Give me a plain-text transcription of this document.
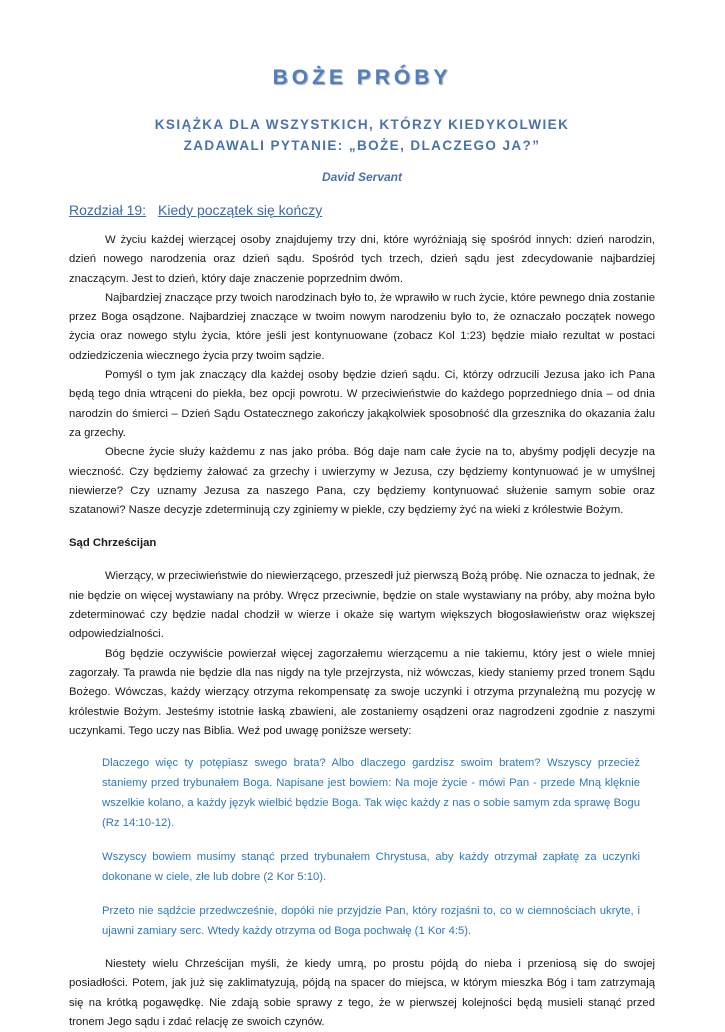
BOŻE PRÓBY
KSIĄŻKA DLA WSZYSTKICH, KTÓRZY KIEDYKOLWIEK
ZADAWALI PYTANIE: „BOŻE, DLACZEGO JA?”
David Servant
Rozdział 19: Kiedy początek się kończy

W życiu każdej wierzącej osoby znajdujemy trzy dni, które wyróżniają się spośród innych: dzień narodzin, dzień nowego narodzenia oraz dzień sądu. Spośród tych trzech, dzień sądu jest zdecydowanie najbardziej znaczącym. Jest to dzień, który daje znaczenie poprzednim dwóm.

Najbardziej znaczące przy twoich narodzinach było to, że wprawiło w ruch życie, które pewnego dnia zostanie przez Boga osądzone. Najbardziej znaczące w twoim nowym narodzeniu było to, że oznaczało początek nowego życia oraz nowego stylu życia, które jeśli jest kontynuowane (zobacz Kol 1:23) będzie miało rezultat w postaci odziedziczenia wiecznego życia przy twoim sądzie.

Pomyśl o tym jak znaczący dla każdej osoby będzie dzień sądu. Ci, którzy odrzucili Jezusa jako ich Pana będą tego dnia wtrąceni do piekła, bez opcji powrotu. W przeciwieństwie do każdego poprzedniego dnia – od dnia narodzin do śmierci – Dzień Sądu Ostatecznego zakończy jakąkolwiek sposobność dla grzesznika do okazania żalu za grzechy.

Obecne życie służy każdemu z nas jako próba. Bóg daje nam całe życie na to, abyśmy podjęli decyzje na wieczność. Czy będziemy żałować za grzechy i uwierzymy w Jezusa, czy będziemy kontynuować je w umyślnej niewierze? Czy uznamy Jezusa za naszego Pana, czy będziemy kontynuować służenie samym sobie oraz szatanowi? Nasze decyzje zdeterminują czy zginiemy w piekle, czy będziemy żyć na wieki z królestwie Bożym.

Sąd Chrześcijan

Wierzący, w przeciwieństwie do niewierzącego, przeszedł już pierwszą Bożą próbę. Nie oznacza to jednak, że nie będzie on więcej wystawiany na próby. Wręcz przeciwnie, będzie on stale wystawiany na próby, aby można było zdeterminować czy będzie nadal chodził w wierze i okaże się wartym większych błogosławieństw oraz większej odpowiedzialności.

Bóg będzie oczywiście powierzał więcej zagorzałemu wierzącemu a nie takiemu, który jest o wiele mniej zagorzały. Ta prawda nie będzie dla nas nigdy na tyle przejrzysta, niż wówczas, kiedy staniemy przed tronem Sądu Bożego. Wówczas, każdy wierzący otrzyma rekompensatę za swoje uczynki i otrzyma przynależną mu pozycję w królestwie Bożym. Jesteśmy istotnie łaską zbawieni, ale zostaniemy osądzeni oraz nagrodzeni zgodnie z naszymi uczynkami. Tego uczy nas Biblia. Weź pod uwagę poniższe wersety:

Dlaczego więc ty potępiasz swego brata? Albo dlaczego gardzisz swoim bratem? Wszyscy przecież staniemy przed trybunałem Boga. Napisane jest bowiem: Na moje życie - mówi Pan - przede Mną klęknie wszelkie kolano, a każdy język wielbić będzie Boga. Tak więc każdy z nas o sobie samym zda sprawę Bogu (Rz 14:10-12).
Wszyscy bowiem musimy stanąć przed trybunałem Chrystusa, aby każdy otrzymał zapłatę za uczynki dokonane w ciele, złe lub dobre (2 Kor 5:10).
Przeto nie sądźcie przedwcześnie, dopóki nie przyjdzie Pan, który rozjaśni to, co w ciemnościach ukryte, i ujawni zamiary serc. Wtedy każdy otrzyma od Boga pochwałę (1 Kor 4:5).

Niestety wielu Chrześcijan myśli, że kiedy umrą, po prostu pójdą do nieba i przeniosą się do swojej posiadłości. Potem, jak już się zaklimatyzują, pójdą na spacer do miejsca, w którym mieszka Bóg i tam zatrzymają się na krótką pogawędkę. Nie zdają sobie sprawy z tego, że w pierwszej kolejności będą musieli stanąć przed tronem Jego sądu i zdać relację ze swoich czynów.
